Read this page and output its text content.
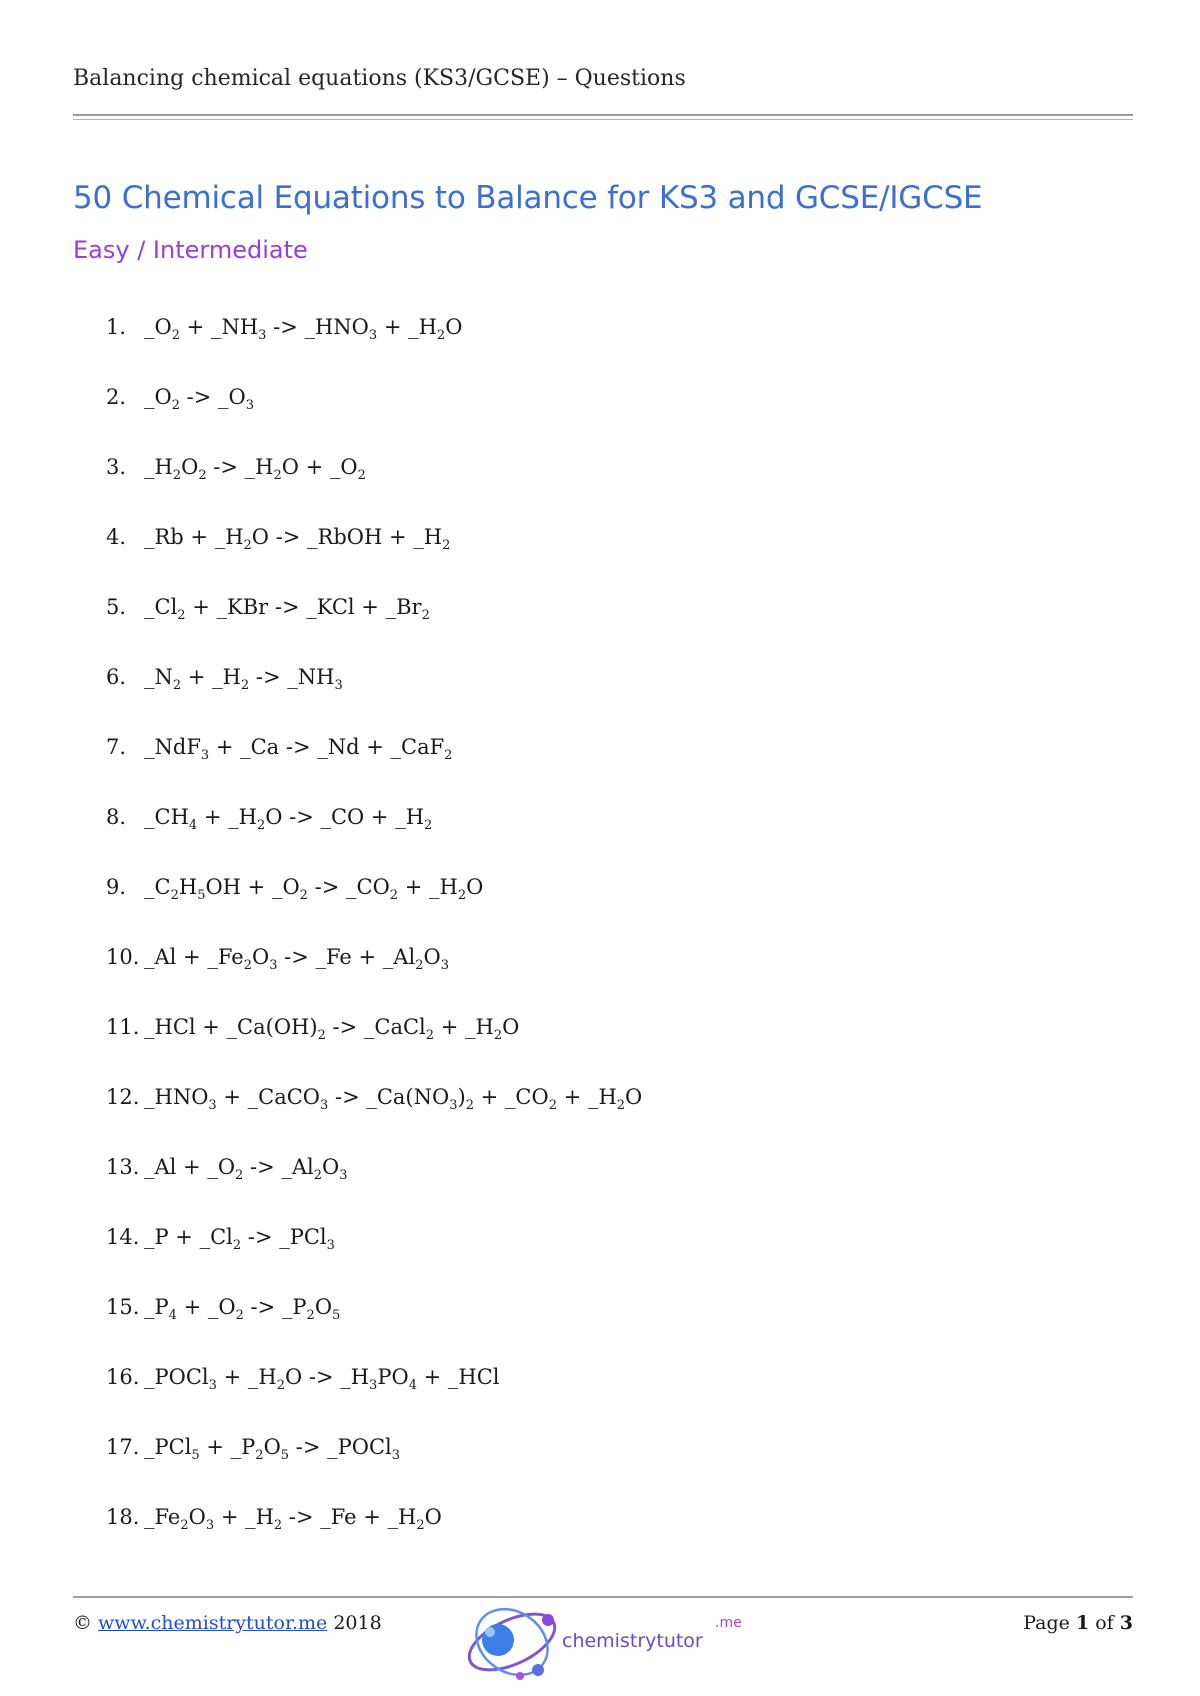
Balancing chemical equations (KS3/GCSE) – Questions
50 Chemical Equations to Balance for KS3 and GCSE/IGCSE
Easy / Intermediate
1. $\_O_2$ + $\_NH_3$ -> $\_HNO_3$ + $\_H_2O$
2. $\_O_2$ -> $\_O_3$
3. $\_H_2O_2$ -> $\_H_2O$ + $\_O_2$
4. _Rb + $\_H_2O$ -> _RbOH + $\_H_2$
5. $\_Cl_2$ + _KBr -> _KCl + $\_Br_2$
6. $\_N_2$ + $\_H_2$ -> $\_NH_3$
7. _NdF$_3$ + _Ca -> _Nd + _CaF$_2$
8. $\_CH_4$ + $\_H_2O$ -> _CO + $\_H_2$
9. $\_C_2H_5OH$ + $\_O_2$ -> $\_CO_2$ + $\_H_2O$
10. _Al + $\_Fe_2O_3$ -> _Fe + $\_Al_2O_3$
11. _HCl + $\_Ca(OH)_2$ -> _CaCl$_2$ + $\_H_2O$
12. $\_HNO_3$ + _CaCO$_3$ -> $\_Ca(NO_3)_2$ + $\_CO_2$ + $\_H_2O$
13. _Al + $\_O_2$ -> $\_Al_2O_3$
14. _P + $\_Cl_2$ -> _PCl$_3$
15. $\_P_4$ + $\_O_2$ -> $\_P_2O_5$
16. _POCl$_3$ + $\_H_2O$ -> $\_H_3PO_4$ + _HCl
17. _PCl$_5$ + $\_P_2O_5$ -> _POCl$_3$
18. $\_Fe_2O_3$ + $\_H_2$ -> _Fe + $\_H_2O$
© www.chemistrytutor.me 2018
chemistrytutor
.me	Page 1 of 3
